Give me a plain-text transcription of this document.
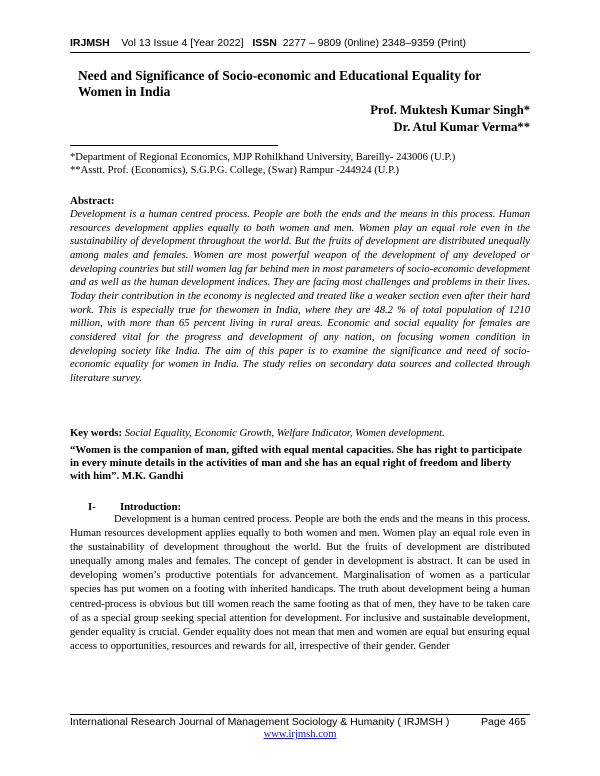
IRJMSH Vol 13 Issue 4 [Year 2022] ISSN 2277 – 9809 (0nline) 2348–9359 (Print)
Need and Significance of Socio-economic and Educational Equality for Women in India
Prof. Muktesh Kumar Singh*
Dr. Atul Kumar Verma**
*Department of Regional Economics, MJP Rohilkhand University, Bareilly- 243006 (U.P.)
**Asstt. Prof. (Economics), S.G.P.G. College, (Swar) Rampur -244924 (U.P.)
Abstract:
Development is a human centred process. People are both the ends and the means in this process. Human resources development applies equally to both women and men. Women play an equal role even in the sustainability of development throughout the world. But the fruits of development are distributed unequally among males and females. Women are most powerful weapon of the development of any developed or developing countries but still women lag far behind men in most parameters of socio-economic development and as well as the human development indices. They are facing most challenges and problems in their lives. Today their contribution in the economy is neglected and treated like a weaker section even after their hard work. This is especially true for thewomen in India, where they are 48.2 % of total population of 1210 million, with more than 65 percent living in rural areas. Economic and social equality for females are considered vital for the progress and development of any nation, on focusing women condition in developing society like India. The aim of this paper is to examine the significance and need of socio-economic equality for women in India. The study relies on secondary data sources and collected through literature survey.
Key words: Social Equality, Economic Growth, Welfare Indicator, Women development.
“Women is the companion of man, gifted with equal mental capacities. She has right to participate in every minute details in the activities of man and she has an equal right of freedom and liberty with him”. M.K. Gandhi
I- Introduction:
Development is a human centred process. People are both the ends and the means in this process. Human resources development applies equally to both women and men. Women play an equal role even in the sustainability of development throughout the world. But the fruits of development are distributed unequally among males and females. The concept of gender in development is abstract. It can be used in developing women’s productive potentials for advancement. Marginalisation of women as a particular species has put women on a footing with inherited handicaps. The truth about development being a human centred-process is obvious but till women reach the same footing as that of men, they have to be taken care of as a special group seeking special attention for development. For inclusive and sustainable development, gender equality is crucial. Gender equality does not mean that men and women are equal but ensuring equal access to opportunities, resources and rewards for all, irrespective of their gender. Gender
International Research Journal of Management Sociology & Humanity ( IRJMSH )	Page 465
www.irjmsh.com
